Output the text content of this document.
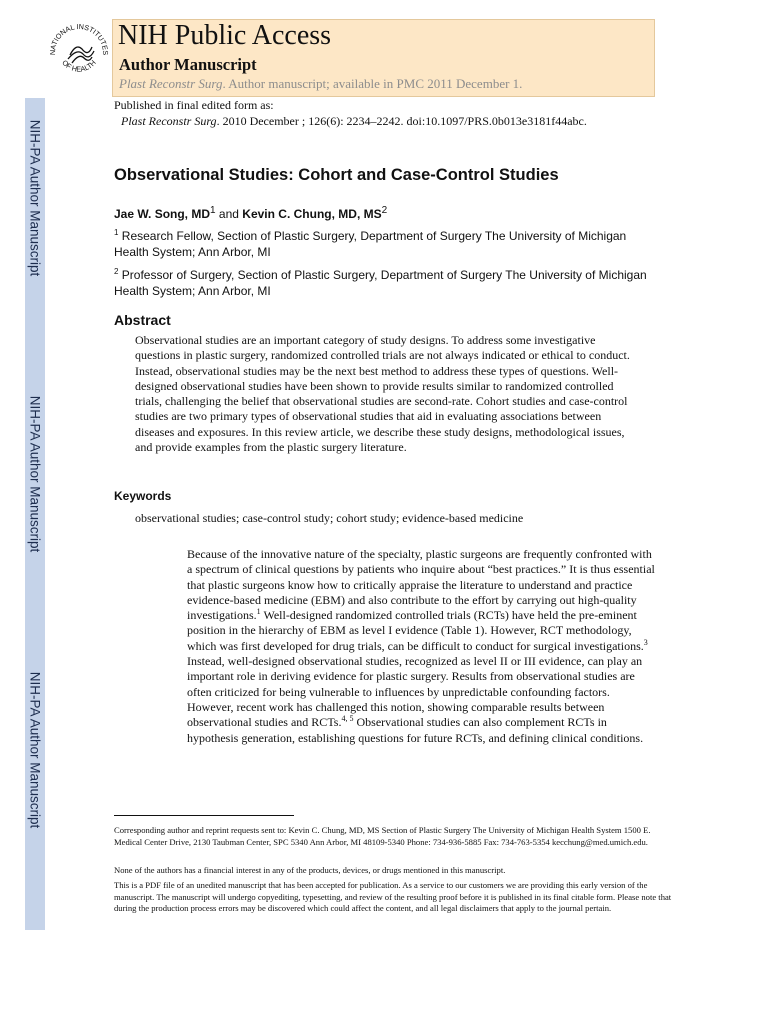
NIH-PA Author Manuscript
NIH-PA Author Manuscript
NIH-PA Author Manuscript
NATIONAL INSTITUTES
OF HEALTH
NIH Public Access
Author Manuscript
Plast Reconstr Surg. Author manuscript; available in PMC 2011 December 1.
Published in final edited form as:
Plast Reconstr Surg. 2010 December ; 126(6): 2234–2242. doi:10.1097/PRS.0b013e3181f44abc.
Observational Studies: Cohort and Case-Control Studies
Jae W. Song, $MD^1$ and Kevin C. Chung, MD, $MS^2$
$^1$ Research Fellow, Section of Plastic Surgery, Department of Surgery The University of Michigan Health System; Ann Arbor, MI
$^2$ Professor of Surgery, Section of Plastic Surgery, Department of Surgery The University of Michigan Health System; Ann Arbor, MI
Abstract
Observational studies are an important category of study designs. To address some investigative questions in plastic surgery, randomized controlled trials are not always indicated or ethical to conduct. Instead, observational studies may be the next best method to address these types of questions. Well-designed observational studies have been shown to provide results similar to randomized controlled trials, challenging the belief that observational studies are second-rate. Cohort studies and case-control studies are two primary types of observational studies that aid in evaluating associations between diseases and exposures. In this review article, we describe these study designs, methodological issues, and provide examples from the plastic surgery literature.
Keywords
observational studies; case-control study; cohort study; evidence-based medicine
Because of the innovative nature of the specialty, plastic surgeons are frequently confronted with a spectrum of clinical questions by patients who inquire about “best practices.” It is thus essential that plastic surgeons know how to critically appraise the literature to understand and practice evidence-based medicine (EBM) and also contribute to the effort by carrying out high-quality investigations.$^1$ Well-designed randomized controlled trials (RCTs) have held the pre-eminent position in the hierarchy of EBM as level I evidence (Table 1). However, RCT methodology, which was first developed for drug trials, can be difficult to conduct for surgical investigations.$^3$ Instead, well-designed observational studies, recognized as level II or III evidence, can play an important role in deriving evidence for plastic surgery. Results from observational studies are often criticized for being vulnerable to influences by unpredictable confounding factors. However, recent work has challenged this notion, showing comparable results between observational studies and RCTs.$^{4, 5}$ Observational studies can also complement RCTs in hypothesis generation, establishing questions for future RCTs, and defining clinical conditions.
Corresponding author and reprint requests sent to: Kevin C. Chung, MD, MS Section of Plastic Surgery The University of Michigan Health System 1500 E. Medical Center Drive, 2130 Taubman Center, SPC 5340 Ann Arbor, MI 48109-5340 Phone: 734-936-5885 Fax: 734-763-5354 kecchung@med.umich.edu.
None of the authors has a financial interest in any of the products, devices, or drugs mentioned in this manuscript.
This is a PDF file of an unedited manuscript that has been accepted for publication. As a service to our customers we are providing this early version of the manuscript. The manuscript will undergo copyediting, typesetting, and review of the resulting proof before it is published in its final citable form. Please note that during the production process errors may be discovered which could affect the content, and all legal disclaimers that apply to the journal pertain.
